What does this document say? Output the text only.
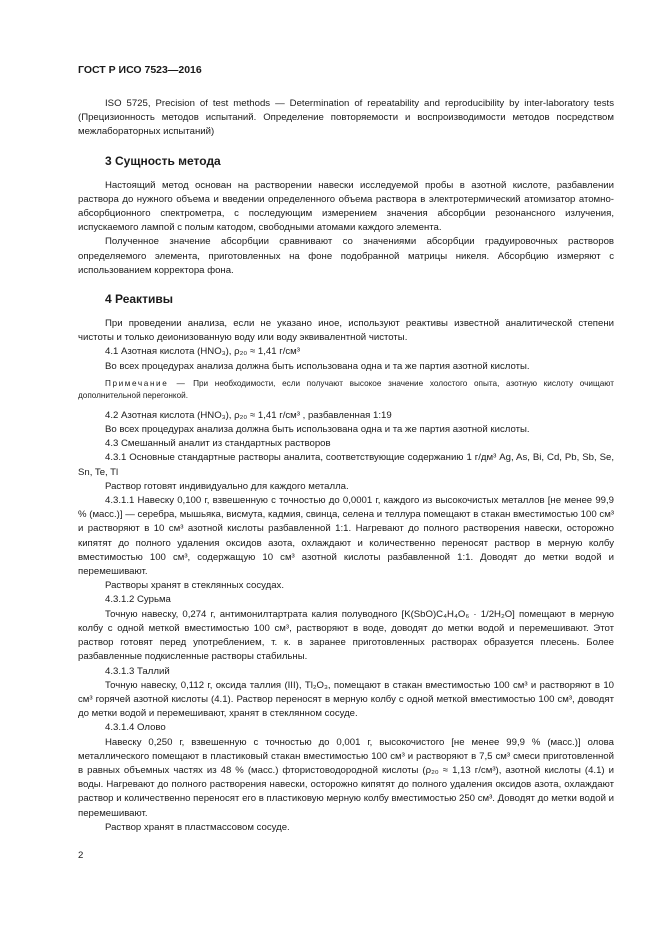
ГОСТ Р ИСО 7523—2016

ISO 5725, Precision of test methods — Determination of repeatability and reproducibility by inter-laboratory tests (Прецизионность методов испытаний. Определение повторяемости и воспроизводимости методов посредством межлабораторных испытаний)

3 Сущность метода

Настоящий метод основан на растворении навески исследуемой пробы в азотной кислоте, разбавлении раствора до нужного объема и введении определенного объема раствора в электротермический атомизатор атомно-абсорбционного спектрометра, с последующим измерением значения абсорбции резонансного излучения, испускаемого лампой с полым катодом, свободными атомами каждого элемента.

Полученное значение абсорбции сравнивают со значениями абсорбции градуировочных растворов определяемого элемента, приготовленных на фоне подобранной матрицы никеля. Абсорбцию измеряют с использованием корректора фона.

4 Реактивы

При проведении анализа, если не указано иное, используют реактивы известной аналитической степени чистоты и только деионизованную воду или воду эквивалентной чистоты.

4.1 Азотная кислота (HNO₃), ρ₂₀ ≈ 1,41 г/см³

Во всех процедурах анализа должна быть использована одна и та же партия азотной кислоты.

Примечание — При необходимости, если получают высокое значение холостого опыта, азотную кислоту очищают дополнительной перегонкой.

4.2 Азотная кислота (HNO₃), ρ₂₀ ≈ 1,41 г/см³ , разбавленная 1:19

Во всех процедурах анализа должна быть использована одна и та же партия азотной кислоты.

4.3 Смешанный аналит из стандартных растворов

4.3.1 Основные стандартные растворы аналита, соответствующие содержанию 1 г/дм³ Ag, As, Bi, Cd, Pb, Sb, Se, Sn, Te, Tl

Раствор готовят индивидуально для каждого металла.

4.3.1.1 Навеску 0,100 г, взвешенную с точностью до 0,0001 г, каждого из высокочистых металлов [не менее 99,9 % (масс.)] — серебра, мышьяка, висмута, кадмия, свинца, селена и теллура помещают в стакан вместимостью 100 см³ и растворяют в 10 см³ азотной кислоты разбавленной 1:1. Нагревают до полного растворения навески, осторожно кипятят до полного удаления оксидов азота, охлаждают и количественно переносят раствор в мерную колбу вместимостью 100 см³, содержащую 10 см³ азотной кислоты разбавленной 1:1. Доводят до метки водой и перемешивают.

Растворы хранят в стеклянных сосудах.

4.3.1.2 Сурьма

Точную навеску, 0,274 г, антимонилтартрата калия полуводного [K(SbO)C₄H₄O₆ · 1/2H₂O] помещают в мерную колбу с одной меткой вместимостью 100 см³, растворяют в воде, доводят до метки водой и перемешивают. Этот раствор готовят перед употреблением, т. к. в заранее приготовленных растворах образуется плесень. Более разбавленные подкисленные растворы стабильны.

4.3.1.3 Таллий

Точную навеску, 0,112 г, оксида таллия (III), Tl₂O₃, помещают в стакан вместимостью 100 см³ и растворяют в 10 см³ горячей азотной кислоты (4.1). Раствор переносят в мерную колбу с одной меткой вместимостью 100 см³, доводят до метки водой и перемешивают, хранят в стеклянном сосуде.

4.3.1.4 Олово

Навеску 0,250 г, взвешенную с точностью до 0,001 г, высокочистого [не менее 99,9 % (масс.)] олова металлического помещают в пластиковый стакан вместимостью 100 см³ и растворяют в 7,5 см³ смеси приготовленной в равных объемных частях из 48 % (масс.) фтористоводородной кислоты (ρ₂₀ ≈ 1,13 г/см³), азотной кислоты (4.1) и воды. Нагревают до полного растворения навески, осторожно кипятят до полного удаления оксидов азота, охлаждают раствор и количественно переносят его в пластиковую мерную колбу вместимостью 250 см³. Доводят до метки водой и перемешивают.

Раствор хранят в пластмассовом сосуде.

2
